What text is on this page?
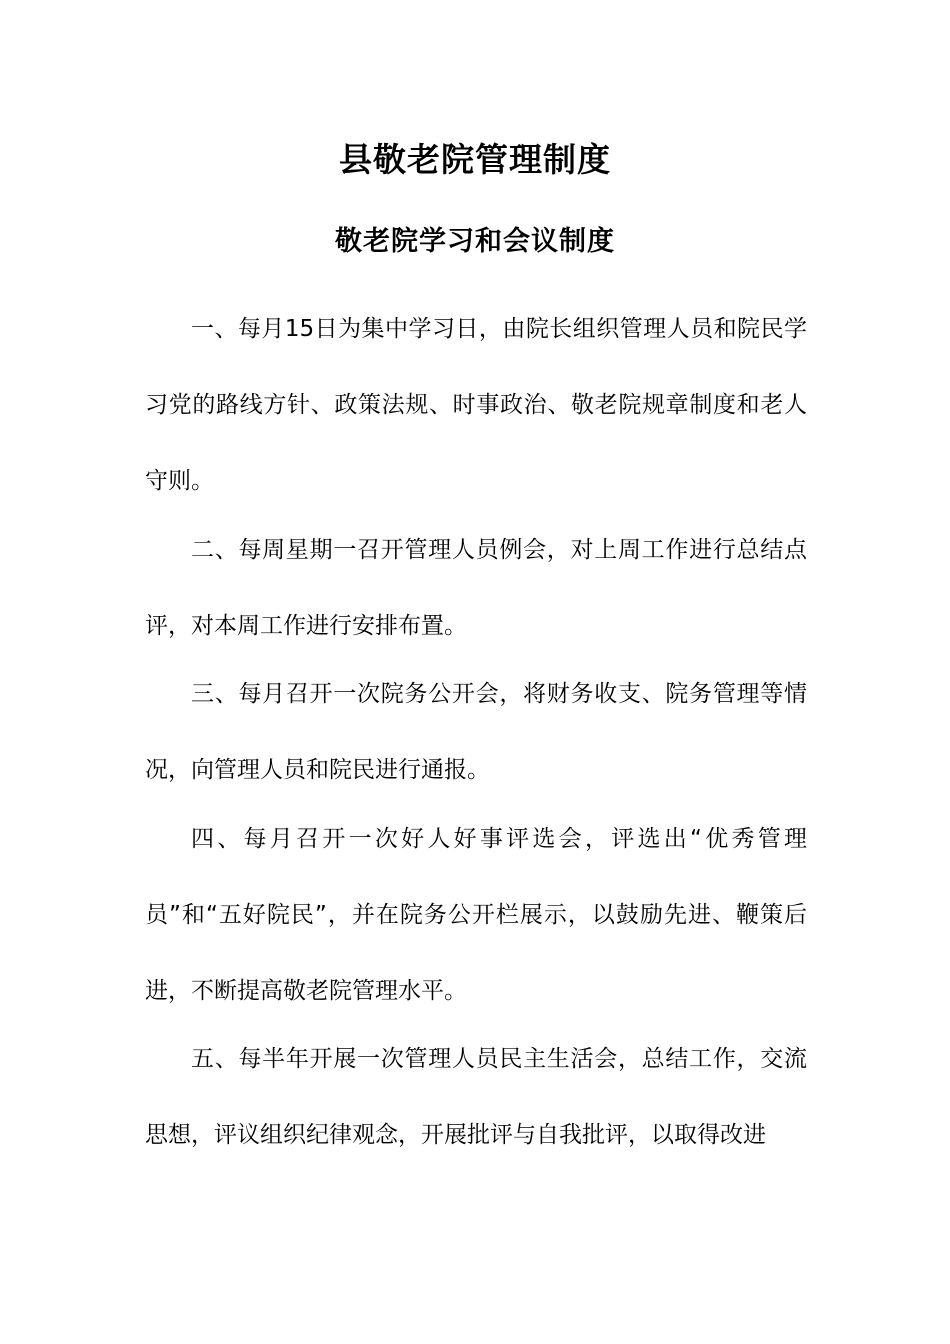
县敬老院管理制度
敬老院学习和会议制度

一、每月15日为集中学习日，由院长组织管理人员和院民学习党的路线方针、政策法规、时事政治、敬老院规章制度和老人守则。

二、每周星期一召开管理人员例会，对上周工作进行总结点评，对本周工作进行安排布置。

三、每月召开一次院务公开会，将财务收支、院务管理等情况，向管理人员和院民进行通报。

四、每月召开一次好人好事评选会，评选出“优秀管理员”和“五好院民”，并在院务公开栏展示，以鼓励先进、鞭策后进，不断提高敬老院管理水平。

五、每半年开展一次管理人员民主生活会，总结工作，交流思想，评议组织纪律观念，开展批评与自我批评，以取得改进
